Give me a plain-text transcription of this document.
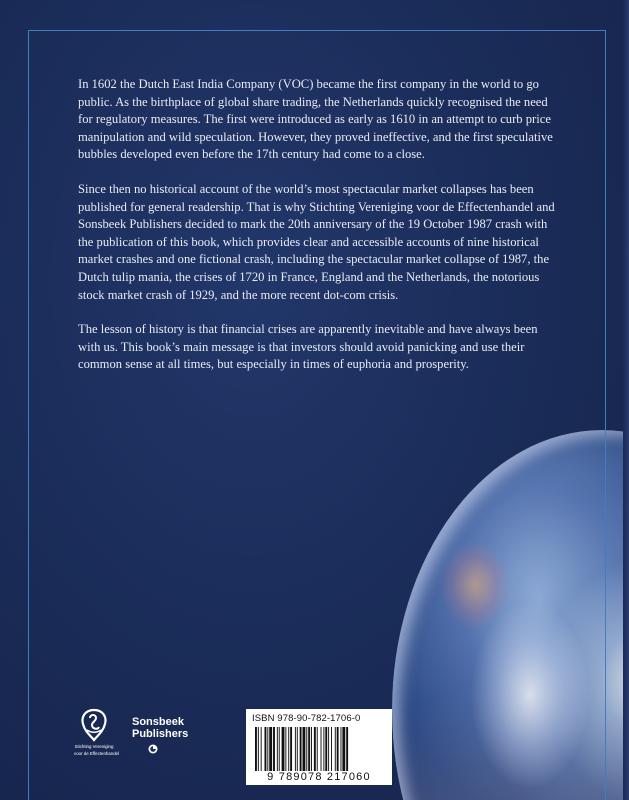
In 1602 the Dutch East India Company (VOC) became the first company in the world to go public. As the birthplace of global share trading, the Netherlands quickly recognised the need for regulatory measures. The first were introduced as early as 1610 in an attempt to curb price manipulation and wild speculation. However, they proved ineffective, and the first speculative bubbles developed even before the 17th century had come to a close.

Since then no historical account of the world’s most spectacular market collapses has been published for general readership. That is why Stichting Vereniging voor de Effectenhandel and Sonsbeek Publishers decided to mark the 20th anniversary of the 19 October 1987 crash with the publication of this book, which provides clear and accessible accounts of nine historical market crashes and one fictional crash, including the spectacular market collapse of 1987, the Dutch tulip mania, the crises of 1720 in France, England and the Netherlands, the notorious stock market crash of 1929, and the more recent dot-com crisis.

The lesson of history is that financial crises are apparently inevitable and have always been with us. This book’s main message is that investors should avoid panicking and use their common sense at all times, but especially in times of euphoria and prosperity.

Stichting Vereniging
voor de Effectenhandel
Sonsbeek
Publishers
ISBN 978-90-782-1706-0
9 789078 217060
